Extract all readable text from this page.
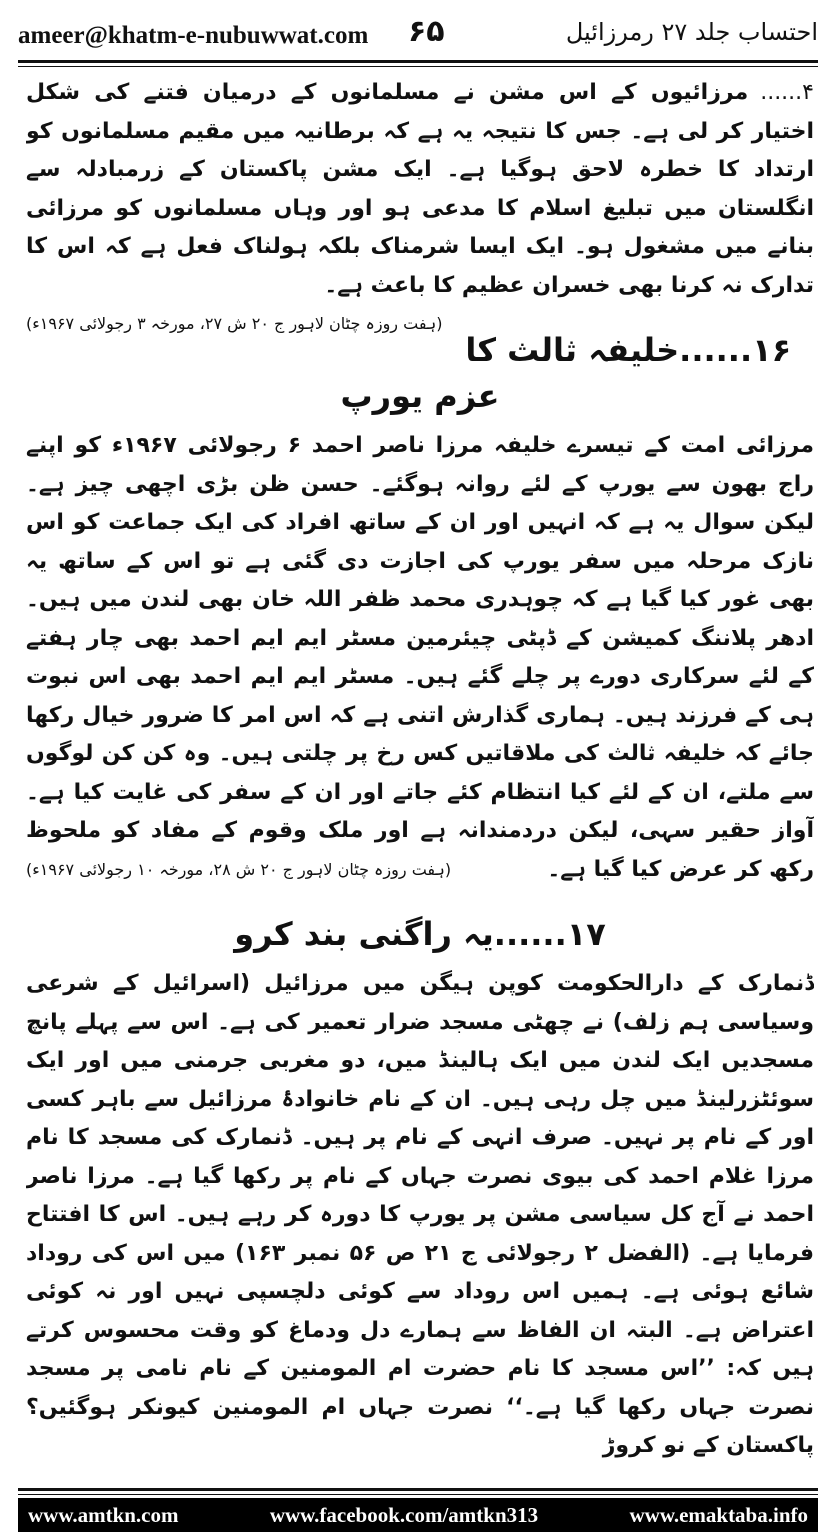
ameer@khatm-e-nubuwwat.com ۶۵	احتساب جلد ۲۷ رمرزائیل

۴......مرزائیوں کے اس مشن نے مسلمانوں کے درمیان فتنے کی شکل اختیار کر لی ہے۔ جس کا نتیجہ یہ ہے کہ برطانیہ میں مقیم مسلمانوں کو ارتداد کا خطرہ لاحق ہوگیا ہے۔ ایک مشن پاکستان کے زرمبادلہ سے انگلستان میں تبلیغ اسلام کا مدعی ہو اور وہاں مسلمانوں کو مرزائی بنانے میں مشغول ہو۔ ایک ایسا شرمناک بلکہ ہولناک فعل ہے کہ اس کا تدارک نہ کرنا بھی خسران عظیم کا باعث ہے۔
(ہفت روزہ چٹان لاہور ج ۲۰ ش ۲۷، مورخہ ۳ رجولائی ۱۹۶۷ء)

۱۶......خلیفہ ثالث کا عزم یورپ

مرزائی امت کے تیسرے خلیفہ مرزا ناصر احمد ۶ رجولائی ۱۹۶۷ء کو اپنے راج بھون سے یورپ کے لئے روانہ ہوگئے۔ حسن ظن بڑی اچھی چیز ہے۔ لیکن سوال یہ ہے کہ انہیں اور ان کے ساتھ افراد کی ایک جماعت کو اس نازک مرحلہ میں سفر یورپ کی اجازت دی گئی ہے تو اس کے ساتھ یہ بھی غور کیا گیا ہے کہ چوہدری محمد ظفر اللہ خان بھی لندن میں ہیں۔ ادھر پلاننگ کمیشن کے ڈپٹی چیئرمین مسٹر ایم ایم احمد بھی چار ہفتے کے لئے سرکاری دورے پر چلے گئے ہیں۔ مسٹر ایم ایم احمد بھی اس نبوت ہی کے فرزند ہیں۔ ہماری گذارش اتنی ہے کہ اس امر کا ضرور خیال رکھا جائے کہ خلیفہ ثالث کی ملاقاتیں کس رخ پر چلتی ہیں۔ وہ کن کن لوگوں سے ملتے، ان کے لئے کیا انتظام کئے جاتے اور ان کے سفر کی غایت کیا ہے۔ آواز حقیر سہی، لیکن دردمندانہ ہے اور ملک وقوم کے مفاد کو ملحوظ رکھ کر عرض کیا گیا ہے۔
(ہفت روزہ چٹان لاہور ج ۲۰ ش ۲۸، مورخہ ۱۰ رجولائی ۱۹۶۷ء)

۱۷......یہ راگنی بند کرو

ڈنمارک کے دارالحکومت کوپن ہیگن میں مرزائیل (اسرائیل کے شرعی وسیاسی ہم زلف) نے چھٹی مسجد ضرار تعمیر کی ہے۔ اس سے پہلے پانچ مسجدیں ایک لندن میں ایک ہالینڈ میں، دو مغربی جرمنی میں اور ایک سوئٹزرلینڈ میں چل رہی ہیں۔ ان کے نام خانوادۂ مرزائیل سے باہر کسی اور کے نام پر نہیں۔ صرف انہی کے نام پر ہیں۔ ڈنمارک کی مسجد کا نام مرزا غلام احمد کی بیوی نصرت جہاں کے نام پر رکھا گیا ہے۔ مرزا ناصر احمد نے آج کل سیاسی مشن پر یورپ کا دورہ کر رہے ہیں۔ اس کا افتتاح فرمایا ہے۔ (الفضل ۲ رجولائی ج ۲۱ ص ۵۶ نمبر ۱۶۳) میں اس کی روداد شائع ہوئی ہے۔ ہمیں اس روداد سے کوئی دلچسپی نہیں اور نہ کوئی اعتراض ہے۔ البتہ ان الفاظ سے ہمارے دل ودماغ کو وقت محسوس کرتے ہیں کہ: ’’اس مسجد کا نام حضرت ام المومنین کے نام نامی پر مسجد نصرت جہاں رکھا گیا ہے۔‘‘ نصرت جہاں ام المومنین کیونکر ہوگئیں؟ پاکستان کے نو کروڑ

www.amtkn.com	www.facebook.com/amtkn313	www.emaktaba.info
